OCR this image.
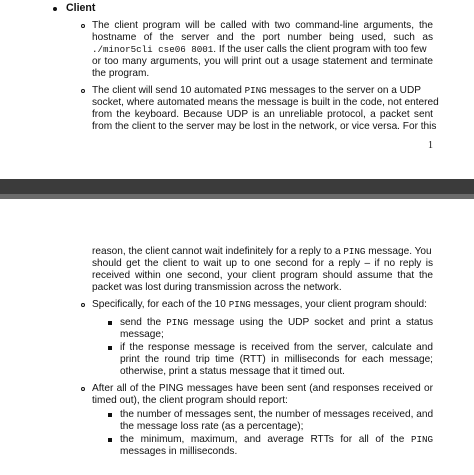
Client
The client program will be called with two command-line arguments, the
hostname of the server and the port number being used, such as
./minor5cli cse06 8001. If the user calls the client program with too few
or too many arguments, you will print out a usage statement and terminate
the program.
The client will send 10 automated PING messages to the server on a UDP
socket, where automated means the message is built in the code, not entered
from the keyboard. Because UDP is an unreliable protocol, a packet sent
from the client to the server may be lost in the network, or vice versa. For this
1
reason, the client cannot wait indefinitely for a reply to a PING message. You
should get the client to wait up to one second for a reply – if no reply is
received within one second, your client program should assume that the
packet was lost during transmission across the network.
Specifically, for each of the 10 PING messages, your client program should:
send the PING message using the UDP socket and print a status
message;
if the response message is received from the server, calculate and
print the round trip time (RTT) in milliseconds for each message;
otherwise, print a status message that it timed out.
After all of the PING messages have been sent (and responses received or
timed out), the client program should report:
the number of messages sent, the number of messages received, and
the message loss rate (as a percentage);
the minimum, maximum, and average RTTs for all of the PING
messages in milliseconds.
